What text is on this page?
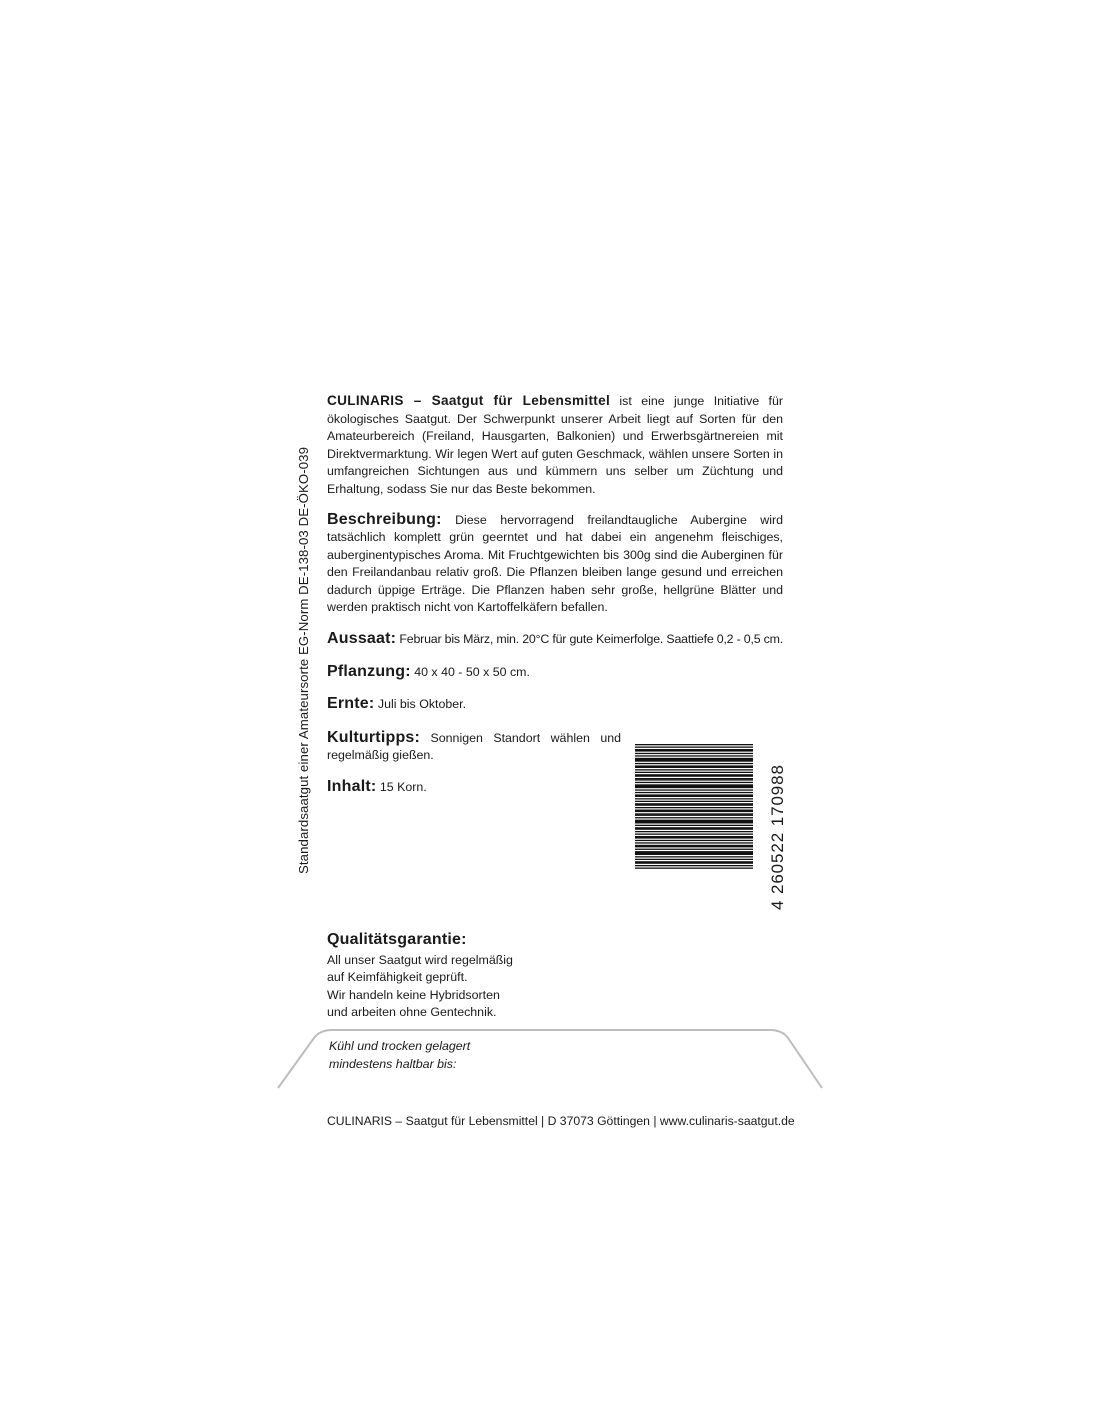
Standardsaatgut einer Amateursorte EG-Norm DE-138-03 DE-ÖKO-039
CULINARIS – Saatgut für Lebensmittel ist eine junge Initiative für ökologisches Saatgut. Der Schwerpunkt unserer Arbeit liegt auf Sorten für den Amateurbereich (Freiland, Hausgarten, Balkonien) und Erwerbsgärtnereien mit Direktvermarktung. Wir legen Wert auf guten Geschmack, wählen unsere Sorten in umfangreichen Sichtungen aus und kümmern uns selber um Züchtung und Erhaltung, sodass Sie nur das Beste bekommen.
Beschreibung: Diese hervorragend freilandtaugliche Aubergine wird tatsächlich komplett grün geerntet und hat dabei ein angenehm fleischiges, auberginentypisches Aroma. Mit Fruchtgewichten bis 300g sind die Auberginen für den Freilandanbau relativ groß. Die Pflanzen bleiben lange gesund und erreichen dadurch üppige Erträge. Die Pflanzen haben sehr große, hellgrüne Blätter und werden praktisch nicht von Kartoffelkäfern befallen.
Aussaat: Februar bis März, min. 20°C für gute Keimerfolge. Saattiefe 0,2 - 0,5 cm.
Pflanzung: 40 x 40 - 50 x 50 cm.
Ernte: Juli bis Oktober.
Kulturtipps: Sonnigen Standort wählen und regelmäßig gießen.
Inhalt: 15 Korn.	4 260522 170988
Qualitätsgarantie:
All unser Saatgut wird regelmäßig
auf Keimfähigkeit geprüft.
Wir handeln keine Hybridsorten
und arbeiten ohne Gentechnik.
Kühl und trocken gelagert
mindestens haltbar bis:
CULINARIS – Saatgut für Lebensmittel | D 37073 Göttingen | www.culinaris-saatgut.de
